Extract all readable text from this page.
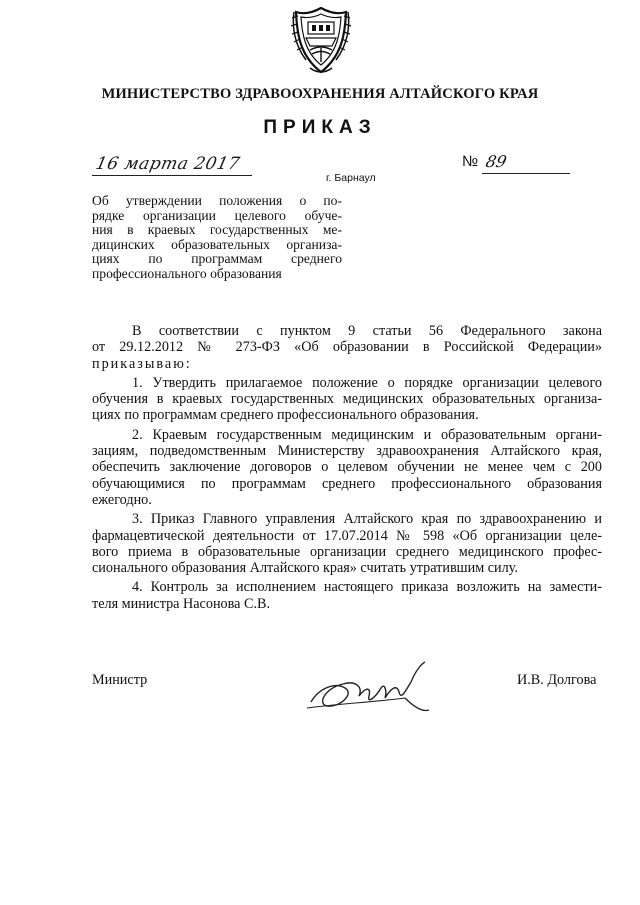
МИНИСТЕРСТВО ЗДРАВООХРАНЕНИЯ АЛТАЙСКОГО КРАЯ
ПРИКАЗ
16 марта 2017
г. Барнаул
№ 89
Об утверждении положения о по-
рядке организации целевого обуче-
ния в краевых государственных ме-
дицинских образовательных организа-
циях по программам среднего
профессионального образования
В соответствии с пунктом 9 статьи 56 Федерального закона
от 29.12.2012 № 273-ФЗ «Об образовании в Российской Федерации»
приказываю:
1. Утвердить прилагаемое положение о порядке организации целевого
обучения в краевых государственных медицинских образовательных организа-
циях по программам среднего профессионального образования.
2. Краевым государственным медицинским и образовательным органи-
зациям, подведомственным Министерству здравоохранения Алтайского края,
обеспечить заключение договоров о целевом обучении не менее чем с 200
обучающимися по программам среднего профессионального образования
ежегодно.
3. Приказ Главного управления Алтайского края по здравоохранению и
фармацевтической деятельности от 17.07.2014 № 598 «Об организации целе-
вого приема в образовательные организации среднего медицинского профес-
сионального образования Алтайского края» считать утратившим силу.
4. Контроль за исполнением настоящего приказа возложить на замести-
теля министра Насонова С.В.
Министр	И.В. Долгова
